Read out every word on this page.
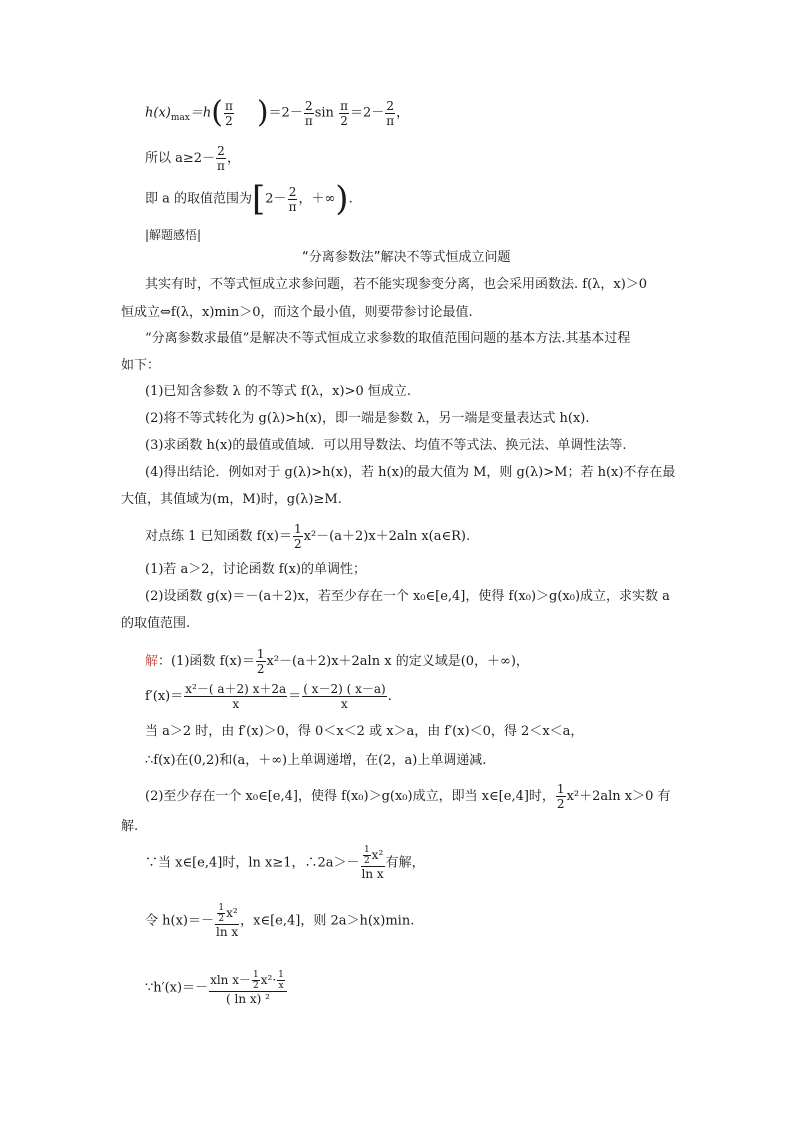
$h(x)_{max}=h( \frac{\pi}{2} )=2- \frac{2}{\pi}$ $\sin \frac{\pi}{2} =2- \frac{2}{\pi}$ ，
所以 $a\ge 2- \frac{2}{\pi}$ ，
即 a 的取值范围为[$2- \frac{2}{\pi}$ ，＋∞).
|解题感悟|
“分离参数法”解决不等式恒成立问题
其实有时，不等式恒成立求参问题，若不能实现参变分离，也会采用函数法. f(λ，x)＞0
恒成立⇔f(λ，x)min＞0，而这个最小值，则要带参讨论最值.
“分离参数求最值”是解决不等式恒成立求参数的取值范围问题的基本方法.其基本过程
如下：
(1)已知含参数 λ 的不等式 f(λ，x)>0 恒成立.
(2)将不等式转化为 g(λ)>h(x)，即一端是参数 λ，另一端是变量表达式 h(x).
(3)求函数 h(x)的最值或值域．可以用导数法、均值不等式法、换元法、单调性法等.
(4)得出结论．例如对于 g(λ)>h(x)，若 h(x)的最大值为 M，则 g(λ)>M；若 h(x)不存在最
大值，其值域为(m，M)时，g(λ)≥M.
对点练 1 已知函数 $f(x)= \frac{1}{2} x^2-(a+2)x+2aln$ x(a∈R).
(1)若 a＞2，讨论函数 f(x)的单调性；
(2)设函数 g(x)＝－(a＋2)x，若至少存在一个 x₀∈[e,4]，使得 f(x₀)＞g(x₀)成立，求实数 a
的取值范围.
解：(1)函数 $f(x)= \frac{1}{2} x^2-(a+2)x+2aln$ x 的定义域是(0，＋∞)，
$f'(x)= \frac{\text{x²－( a＋2) x＋2a}}{x} = \frac{( x-2) ( x-a)}{x}$ .
当 a＞2 时，由 f′(x)＞0，得 0＜x＜2 或 x＞a，由 f′(x)＜0，得 2＜x＜a，
∴f(x)在(0,2)和(a，＋∞)上单调递增，在(2，a)上单调递减.
(2)至少存在一个 x₀∈[e,4]，使得 f(x₀)＞g(x₀)成立，即当 x∈[e,4]时， $\frac{1}{2} x^2+2aln$ x＞0 有
解.
∵当 x∈[e,4]时，ln x≥1，∴2a＞－ $\frac{\frac{1}{2} x^2}{\text{ln x}}$ 有解，
令 $h(x)=- \frac{\frac{1}{2} x^2}{\text{ln x}}$ ，x∈[e,4]，则 2a＞h(x)min.
∵h′(x)＝－ $\frac{xln x- \frac{1}{2} x^2\cdot \frac{1}{x}}{\text{( ln x) ²}}$
